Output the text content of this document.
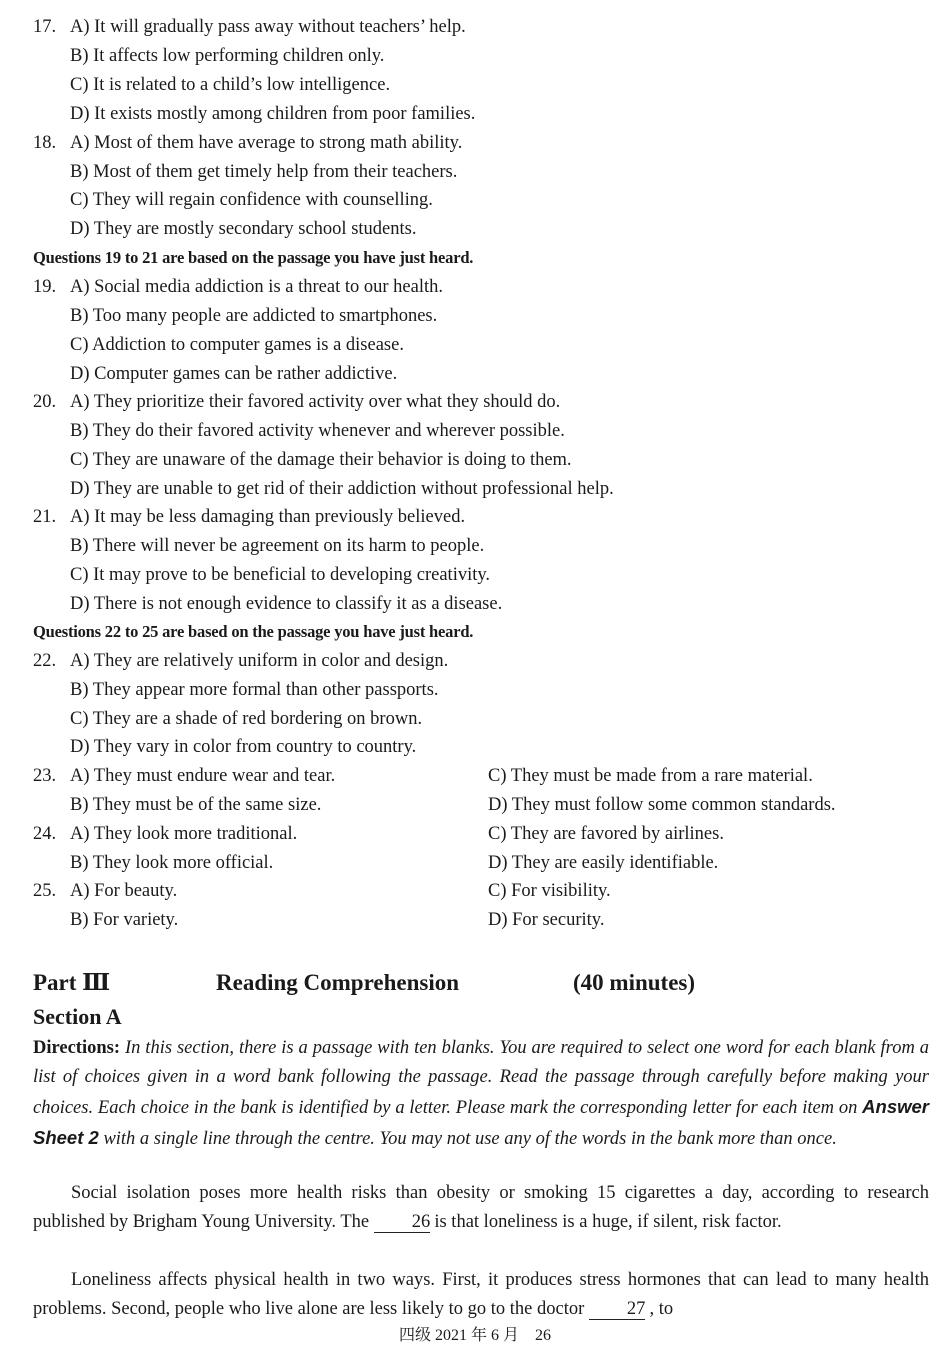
17. A) It will gradually pass away without teachers’ help.
B) It affects low performing children only.
C) It is related to a child’s low intelligence.
D) It exists mostly among children from poor families.
18. A) Most of them have average to strong math ability.
B) Most of them get timely help from their teachers.
C) They will regain confidence with counselling.
D) They are mostly secondary school students.
Questions 19 to 21 are based on the passage you have just heard.
19. A) Social media addiction is a threat to our health.
B) Too many people are addicted to smartphones.
C) Addiction to computer games is a disease.
D) Computer games can be rather addictive.
20. A) They prioritize their favored activity over what they should do.
B) They do their favored activity whenever and wherever possible.
C) They are unaware of the damage their behavior is doing to them.
D) They are unable to get rid of their addiction without professional help.
21. A) It may be less damaging than previously believed.
B) There will never be agreement on its harm to people.
C) It may prove to be beneficial to developing creativity.
D) There is not enough evidence to classify it as a disease.
Questions 22 to 25 are based on the passage you have just heard.
22. A) They are relatively uniform in color and design.
B) They appear more formal than other passports.
C) They are a shade of red bordering on brown.
D) They vary in color from country to country.
23. A) They must endure wear and tear.	C) They must be made from a rare material.
B) They must be of the same size.	D) They must follow some common standards.
24. A) They look more traditional.	C) They are favored by airlines.
B) They look more official.	D) They are easily identifiable.
25. A) For beauty.	C) For visibility.
B) For variety.	D) For security.
Part Ⅲ	Reading Comprehension	(40 minutes)
Section A
Directions: In this section, there is a passage with ten blanks. You are required to select one word for each blank from a list of choices given in a word bank following the passage. Read the passage through carefully before making your choices. Each choice in the bank is identified by a letter. Please mark the corresponding letter for each item on Answer Sheet 2 with a single line through the centre. You may not use any of the words in the bank more than once.
Social isolation poses more health risks than obesity or smoking 15 cigarettes a day, according to research published by Brigham Young University. The 26 is that loneliness is a huge, if silent, risk factor.
Loneliness affects physical health in two ways. First, it produces stress hormones that can lead to many health problems. Second, people who live alone are less likely to go to the doctor 27 , to
四级 2021 年 6 月　26
